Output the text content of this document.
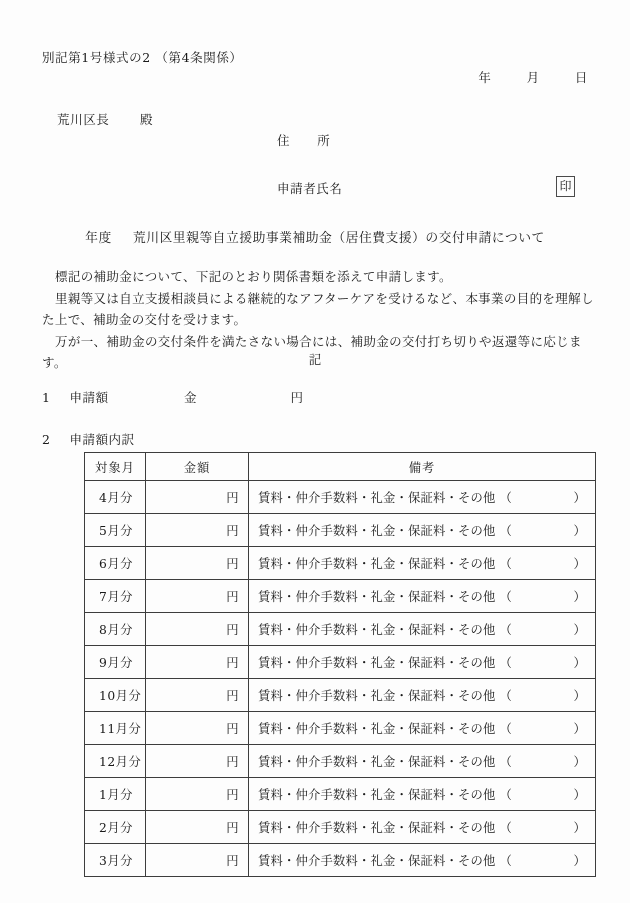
別記第1号様式の2 （第4条関係）
年	月	日
荒川区長 殿
住 所
申請者氏名	印
年度 荒川区里親等自立援助事業補助金（居住費支援）の交付申請について

標記の補助金について、下記のとおり関係書類を添えて申請します。

里親等又は自立支援相談員による継続的なアフターケアを受けるなど、本事業の目的を理解した上で、補助金の交付を受けます。

万が一、補助金の交付条件を満たさない場合には、補助金の交付打ち切りや返還等に応じます。	記
1 申請額	金	円
2 申請額内訳
対象月	金額	備考
4月分	円	賃料・仲介手数料・礼金・保証料・その他 （ ）

5月分	円	賃料・仲介手数料・礼金・保証料・その他 （ ）

6月分	円	賃料・仲介手数料・礼金・保証料・その他 （ ）

7月分	円	賃料・仲介手数料・礼金・保証料・その他 （ ）

8月分	円	賃料・仲介手数料・礼金・保証料・その他 （ ）

9月分	円	賃料・仲介手数料・礼金・保証料・その他 （ ）

10月分	円	賃料・仲介手数料・礼金・保証料・その他 （ ）

11月分	円	賃料・仲介手数料・礼金・保証料・その他 （ ）

12月分	円	賃料・仲介手数料・礼金・保証料・その他 （ ）

1月分	円	賃料・仲介手数料・礼金・保証料・その他 （ ）

2月分	円	賃料・仲介手数料・礼金・保証料・その他 （ ）

3月分	円	賃料・仲介手数料・礼金・保証料・その他 （ ）
